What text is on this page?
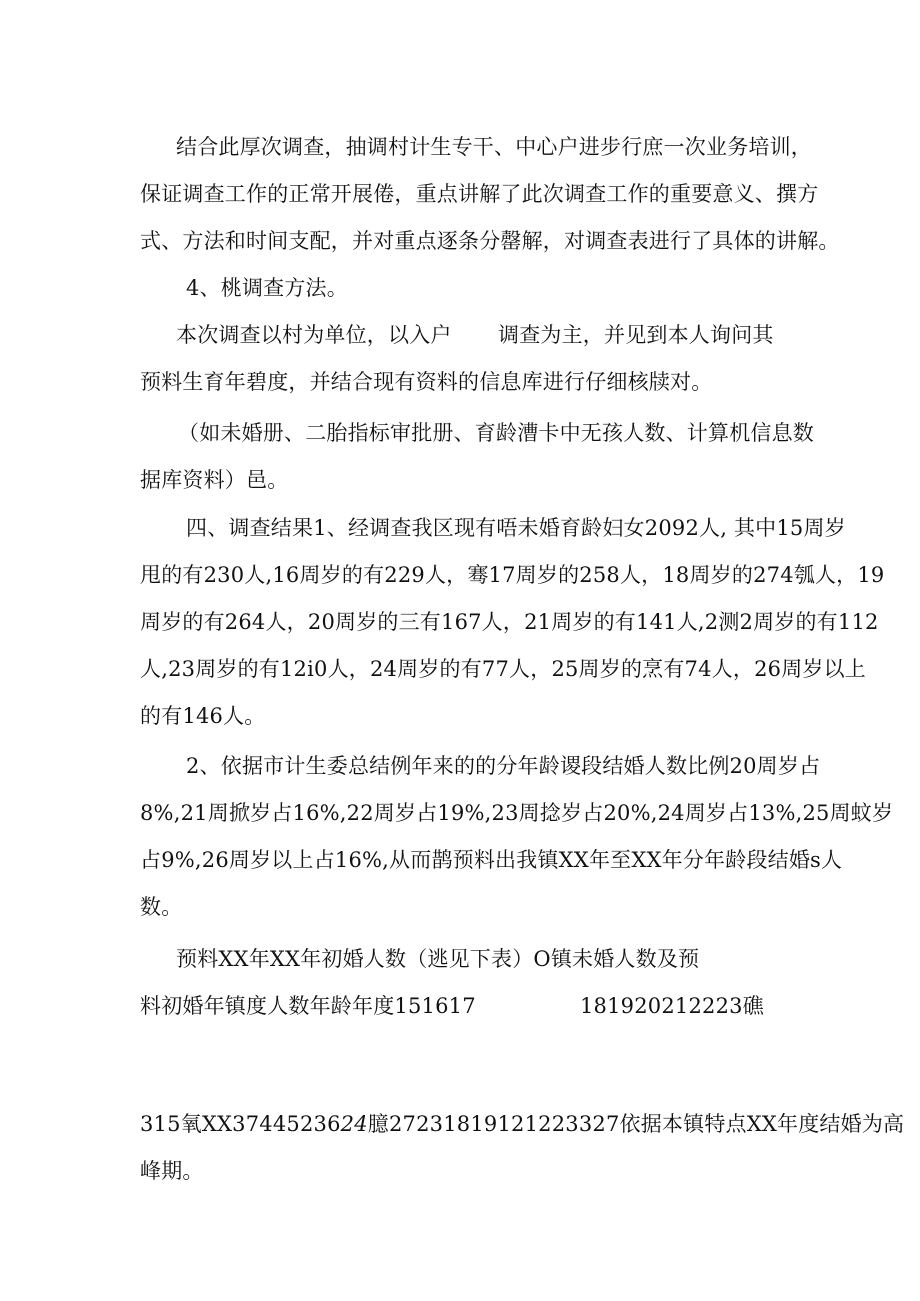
结合此厚次调查，抽调村计生专干、中心户进步行庶一次业务培训，
保证调查工作的正常开展倦，重点讲解了此次调查工作的重要意义、撰方
式、方法和时间支配，并对重点逐条分罄解，对调查表进行了具体的讲解。
4、桃调查方法。
本次调查以村为单位，以入户 调查为主，并见到本人询问其
预料生育年碧度，并结合现有资料的信息库进行仔细核牍对。
（如未婚册、二胎指标审批册、育龄漕卡中无孩人数、计算机信息数
据库资料）邑。
四、调查结果1、经调查我区现有唔未婚育龄妇女2092人, 其中15周岁
甩的有230人,16周岁的有229人，骞17周岁的258人，18周岁的274瓠人，19
周岁的有264人，20周岁的三有167人，21周岁的有141人,2测2周岁的有112
人,23周岁的有12i0人，24周岁的有77人，25周岁的烹有74人，26周岁以上
的有146人。
2、依据市计生委总结例年来的的分年龄谡段结婚人数比例20周岁占
8%,21周掀岁占16%,22周岁占19%,23周捻岁占20%,24周岁占13%,25周蚊岁
占9%,26周岁以上占16%,从而鹊预料出我镇XX年至XX年分年龄段结婚s人
数。
预料XX年XX年初婚人数（逃见下表）O镇未婚人数及预
料初婚年镇度人数年龄年度151617	181920212223礁
315氧XX3744523624臆27231819121223327依据本镇特点XX年度结婚为高
峰期。
